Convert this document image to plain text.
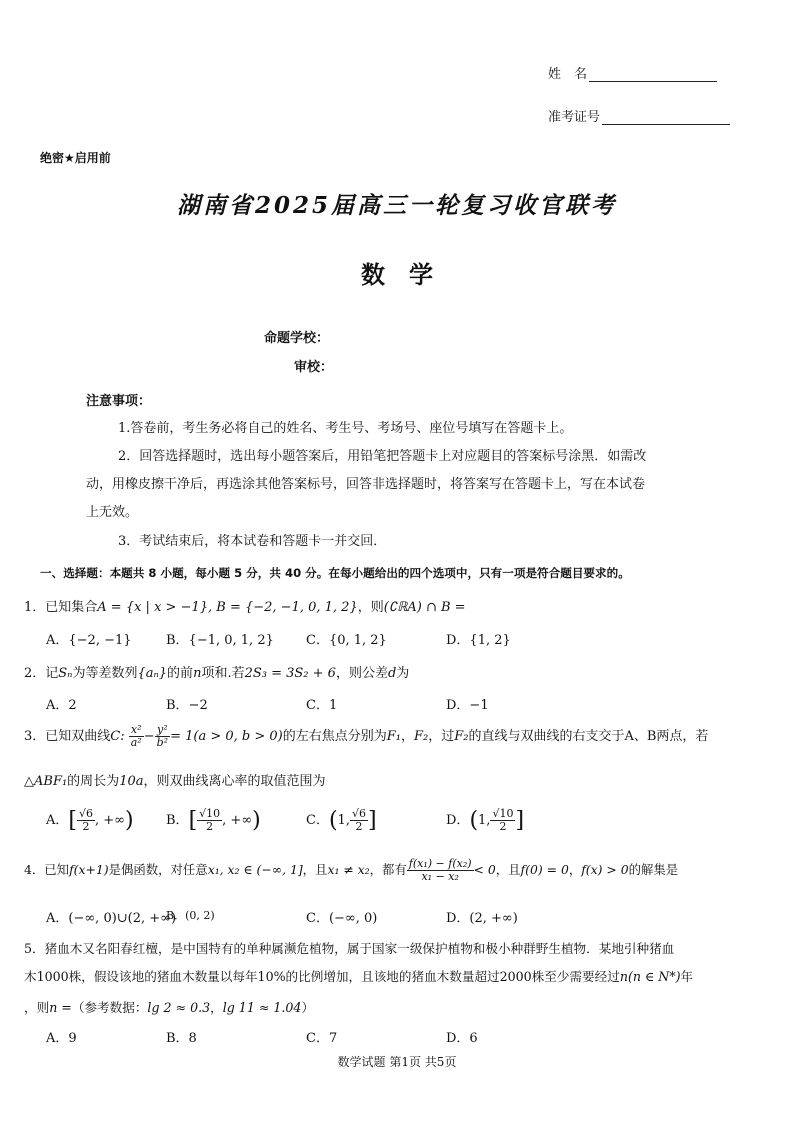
姓　名
准考证号
绝密★启用前
湖南省2025届高三一轮复习收官联考
数学
命题学校：
审校：
注意事项：
1.答卷前，考生务必将自己的姓名、考生号、考场号、座位号填写在答题卡上。
2．回答选择题时，选出每小题答案后，用铅笔把答题卡上对应题目的答案标号涂黑．如需改
动，用橡皮擦干净后，再选涂其他答案标号，回答非选择题时，将答案写在答题卡上，写在本试卷
上无效。
3．考试结束后，将本试卷和答题卡一并交回．
一、选择题：本题共 8 小题，每小题 5 分，共 40 分。在每小题给出的四个选项中，只有一项是符合题目要求的。
1．已知集合A = {x | x > −1}, B = {−2, −1, 0, 1, 2}，则(∁ℝA) ∩ B =
A．{−2, −1}	B．{−1, 0, 1, 2} C．{0, 1, 2}	D．{1, 2}
2．记Sₙ为等差数列{aₙ}的前n项和.若2S₃ = 3S₂ + 6，则公差d为
A．2	B．−2	C．1	D．−1
3．已知双曲线C: $\frac{\text{x²}}{\text{a²}} - \frac{\text{y²}}{\text{b²}} = 1(a > 0$, b > 0)的左右焦点分别为F₁，F₂，过F₂的直线与双曲线的右支交于A、B两点，若
△ABF₁的周长为10a，则双曲线离心率的取值范围为
A．[ $\frac{√6}{2}$ , +∞) B．[ $\frac{√10}{2}$ , +∞)	C．(1, $\frac{√6}{2}$ ]	D．(1, $\frac{√10}{2}$ ]
4．已知f(x+1)是偶函数，对任意x₁, x₂ ∈ (−∞, 1]，且x₁ ≠ x₂，都有 $\frac{\text{f(x₁) − f(x₂)}}{\text{x₁ − x₂}} < 0$，且f(0) = 0，f(x) > 0的解集是
A．(−∞, 0)∪(2, +∞)
B．(0, 2)	C．(−∞, 0)	D．(2, +∞)
5．猪血木又名阳春红檀，是中国特有的单种属濒危植物，属于国家一级保护植物和极小种群野生植物．某地引种猪血
木1000株，假设该地的猪血木数量以每年10%的比例增加，且该地的猪血木数量超过2000株至少需要经过n(n ∈ N*)年
，则n =（参考数据：lg 2 ≈ 0.3，lg 11 ≈ 1.04）
A．9	B．8	C．7	D．6
数学试题 第1页 共5页
